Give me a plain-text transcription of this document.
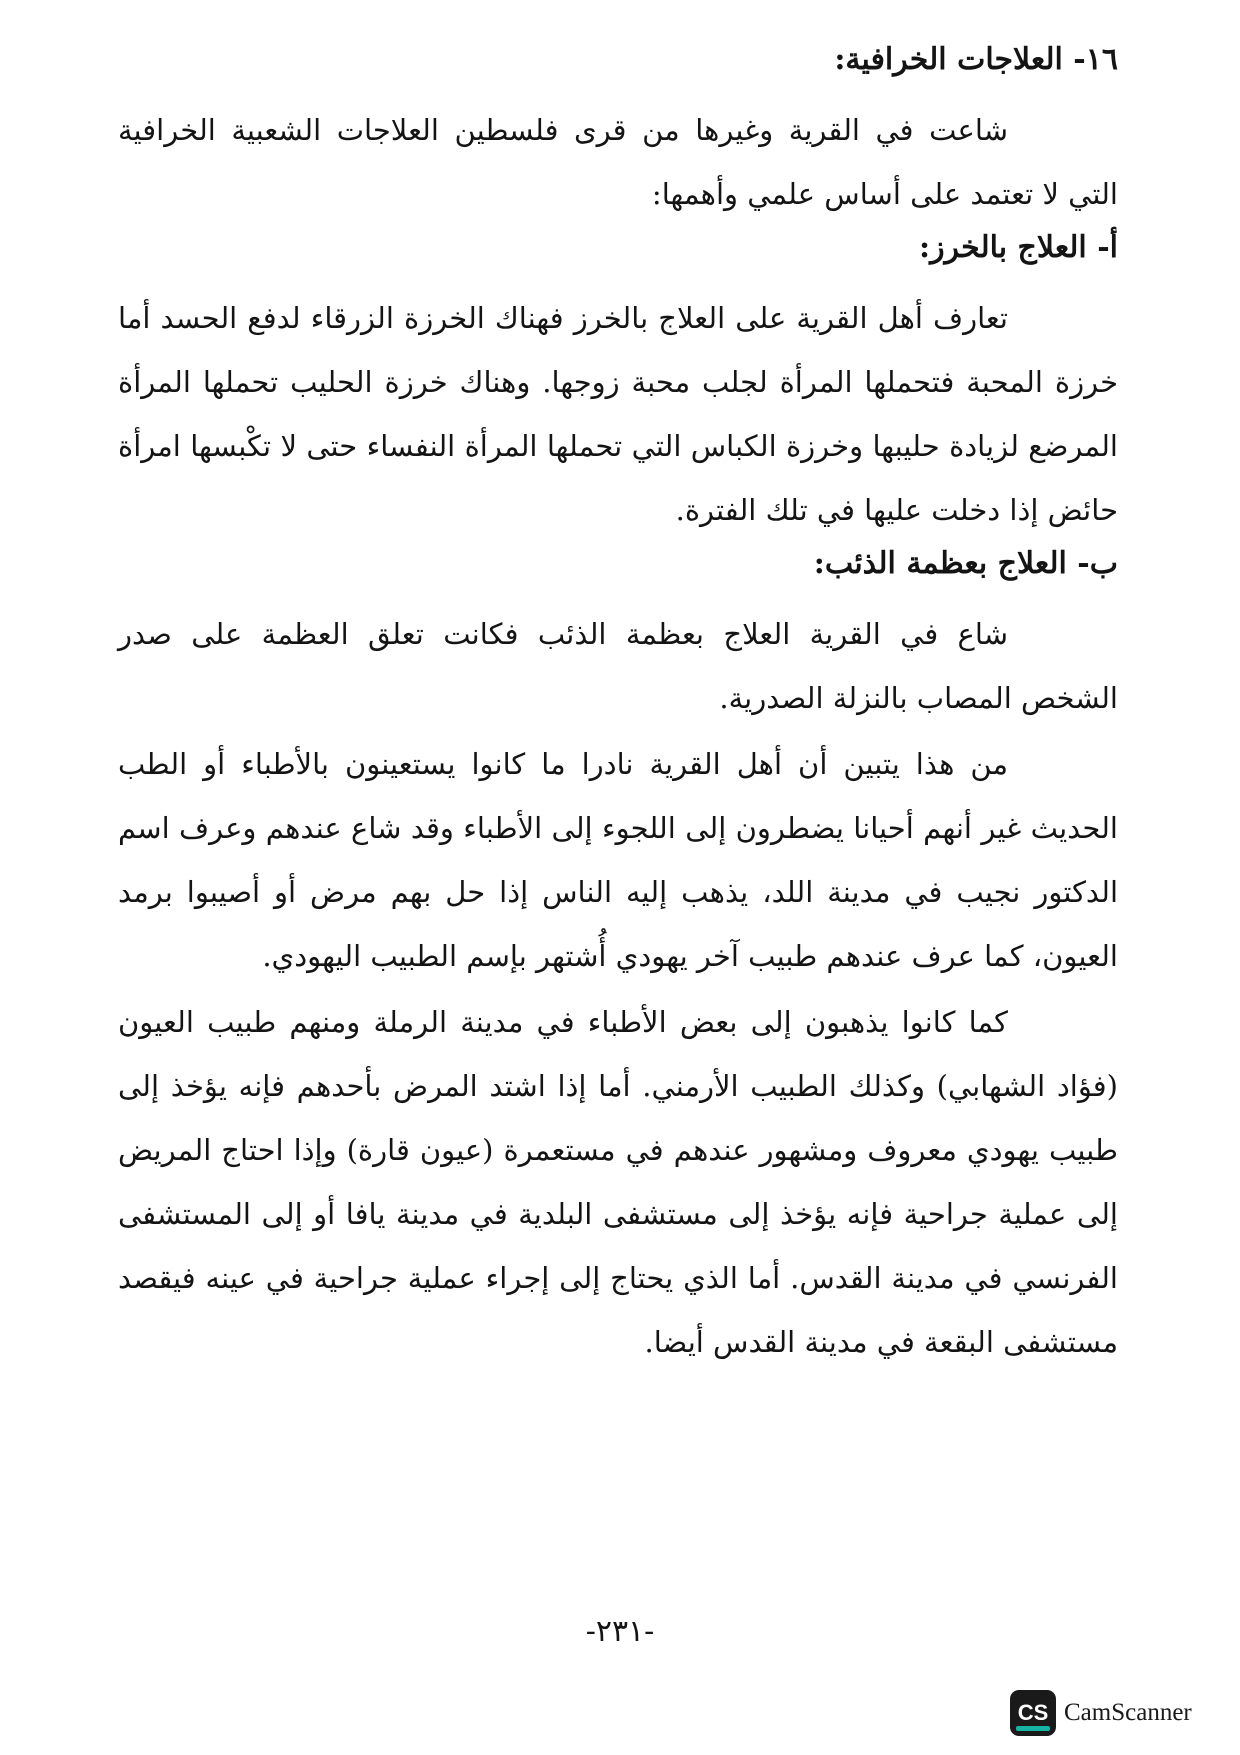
١٦- العلاجات الخرافية:

شاعت في القرية وغيرها من قرى فلسطين العلاجات الشعبية الخرافية التي لا تعتمد على أساس علمي وأهمها:

أ- العلاج بالخرز:

تعارف أهل القرية على العلاج بالخرز فهناك الخرزة الزرقاء لدفع الحسد أما خرزة المحبة فتحملها المرأة لجلب محبة زوجها. وهناك خرزة الحليب تحملها المرأة المرضع لزيادة حليبها وخرزة الكباس التي تحملها المرأة النفساء حتى لا تكْبسها امرأة حائض إذا دخلت عليها في تلك الفترة.

ب- العلاج بعظمة الذئب:

شاع في القرية العلاج بعظمة الذئب فكانت تعلق العظمة على صدر الشخص المصاب بالنزلة الصدرية.

من هذا يتبين أن أهل القرية نادرا ما كانوا يستعينون بالأطباء أو الطب الحديث غير أنهم أحيانا يضطرون إلى اللجوء إلى الأطباء وقد شاع عندهم وعرف اسم الدكتور نجيب في مدينة اللد، يذهب إليه الناس إذا حل بهم مرض أو أصيبوا برمد العيون، كما عرف عندهم طبيب آخر يهودي أُشتهر بإسم الطبيب اليهودي.

كما كانوا يذهبون إلى بعض الأطباء في مدينة الرملة ومنهم طبيب العيون (فؤاد الشهابي) وكذلك الطبيب الأرمني. أما إذا اشتد المرض بأحدهم فإنه يؤخذ إلى طبيب يهودي معروف ومشهور عندهم في مستعمرة (عيون قارة) وإذا احتاج المريض إلى عملية جراحية فإنه يؤخذ إلى مستشفى البلدية في مدينة يافا أو إلى المستشفى الفرنسي في مدينة القدس. أما الذي يحتاج إلى إجراء عملية جراحية في عينه فيقصد مستشفى البقعة في مدينة القدس أيضا.

-٢٣١-
CS CamScanner
